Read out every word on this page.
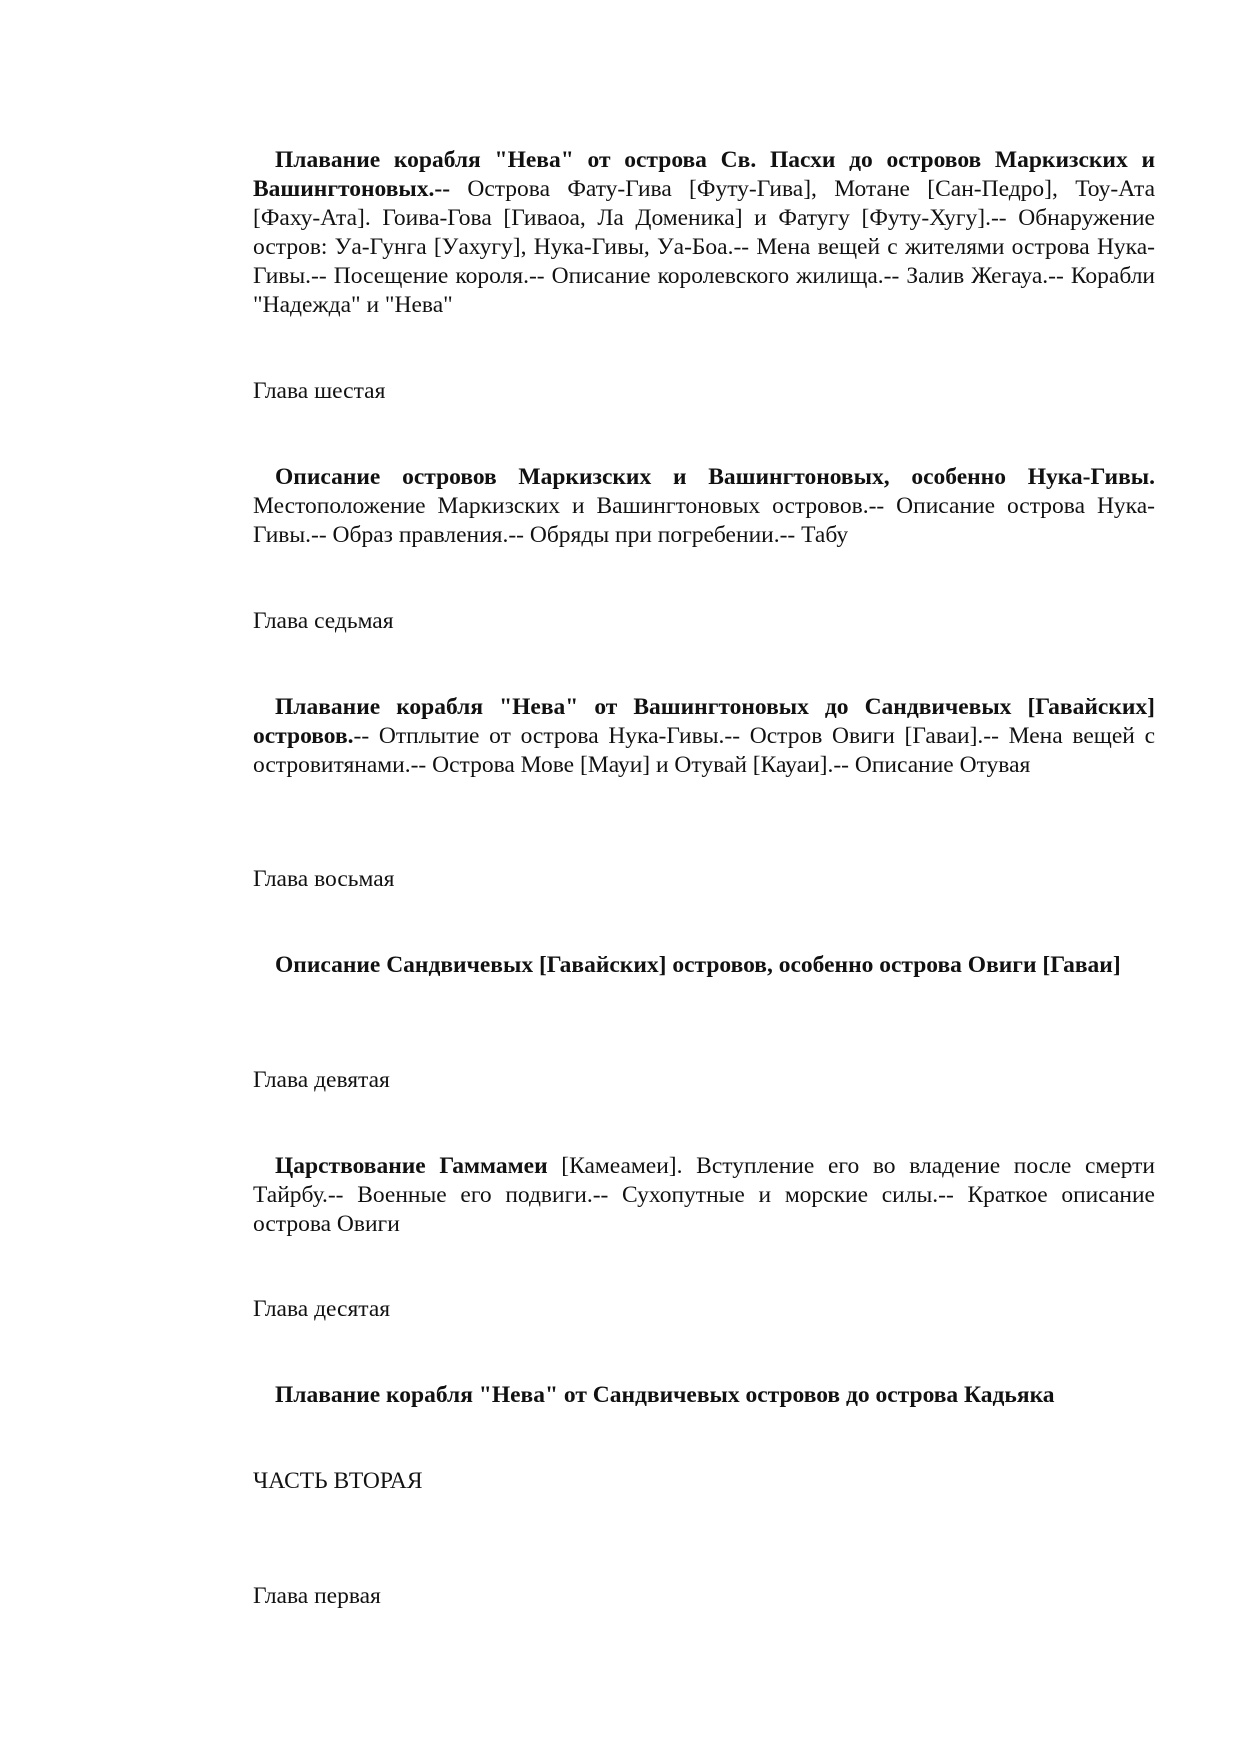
Плавание корабля "Нева" от острова Св. Пасхи до островов Маркизских и Вашингтоновых.-- Острова Фату-Гива [Футу-Гива], Мотане [Сан-Педро], Тоу-Ата [Фаху-Ата]. Гоива-Гова [Гиваоа, Ла Доменика] и Фатугу [Футу-Хугу].-- Обнаружение остров: Уа-Гунга [Уахугу], Нука-Гивы, Уа-Боа.-- Мена вещей с жителями острова Нука-Гивы.-- Посещение короля.-- Описание королевского жилища.-- Залив Жегауа.-- Корабли "Надежда" и "Нева"

Глава шестая

Описание островов Маркизских и Вашингтоновых, особенно Нука-Гивы. Местоположение Маркизских и Вашингтоновых островов.-- Описание острова Нука-Гивы.-- Образ правления.-- Обряды при погребении.-- Табу

Глава седьмая

Плавание корабля "Нева" от Вашингтоновых до Сандвичевых [Гавайских] островов.-- Отплытие от острова Нука-Гивы.-- Остров Овиги [Гаваи].-- Мена вещей с островитянами.-- Острова Мове [Мауи] и Отувай [Кауаи].-- Описание Отувая

Глава восьмая

Описание Сандвичевых [Гавайских] островов, особенно острова Овиги [Гаваи]

Глава девятая

Царствование Гаммамеи [Камеамеи]. Вступление его во владение после смерти Тайрбу.-- Военные его подвиги.-- Сухопутные и морские силы.-- Краткое описание острова Овиги

Глава десятая

Плавание корабля "Нева" от Сандвичевых островов до острова Кадьяка

ЧАСТЬ ВТОРАЯ

Глава первая
